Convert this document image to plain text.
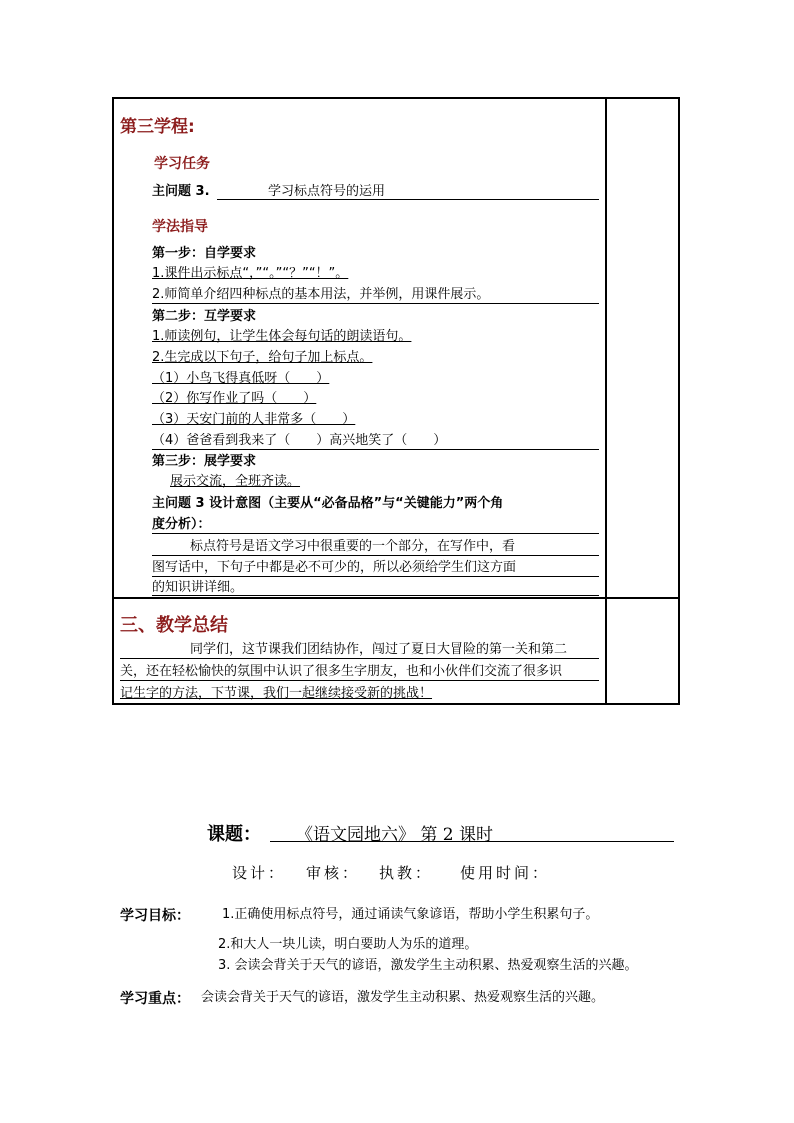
第三学程:
学习任务
主问题 3.	学习标点符号的运用
学法指导
第一步：自学要求
1.课件出示标点“，”“。”“？”“！”。
2.师简单介绍四种标点的基本用法，并举例，用课件展示。
第二步：互学要求
1.师读例句，让学生体会每句话的朗读语句。
2.生完成以下句子，给句子加上标点。
（1）小鸟飞得真低呀（　　）
（2）你写作业了吗（　　）
（3）天安门前的人非常多（　　）
（4）爸爸看到我来了（　　）高兴地笑了（　　）
第三步：展学要求
展示交流，全班齐读。
主问题 3 设计意图（主要从“必备品格”与“关键能力”两个角
度分析）：
标点符号是语文学习中很重要的一个部分，在写作中，看
图写话中，下句子中都是必不可少的，所以必须给学生们这方面
的知识讲详细。
三、教学总结
同学们，这节课我们团结协作，闯过了夏日大冒险的第一关和第二
关，还在轻松愉快的氛围中认识了很多生字朋友，也和小伙伴们交流了很多识
记生字的方法，下节课，我们一起继续接受新的挑战！
课题： 《语文园地六》 第 2 课时
设计： 审核： 执教： 使用时间：
学习目标： 1.正确使用标点符号，通过诵读气象谚语，帮助小学生积累句子。
2.和大人一块儿读，明白要助人为乐的道理。
3. 会读会背关于天气的谚语，激发学生主动积累、热爱观察生活的兴趣。
学习重点： 会读会背关于天气的谚语，激发学生主动积累、热爱观察生活的兴趣。
